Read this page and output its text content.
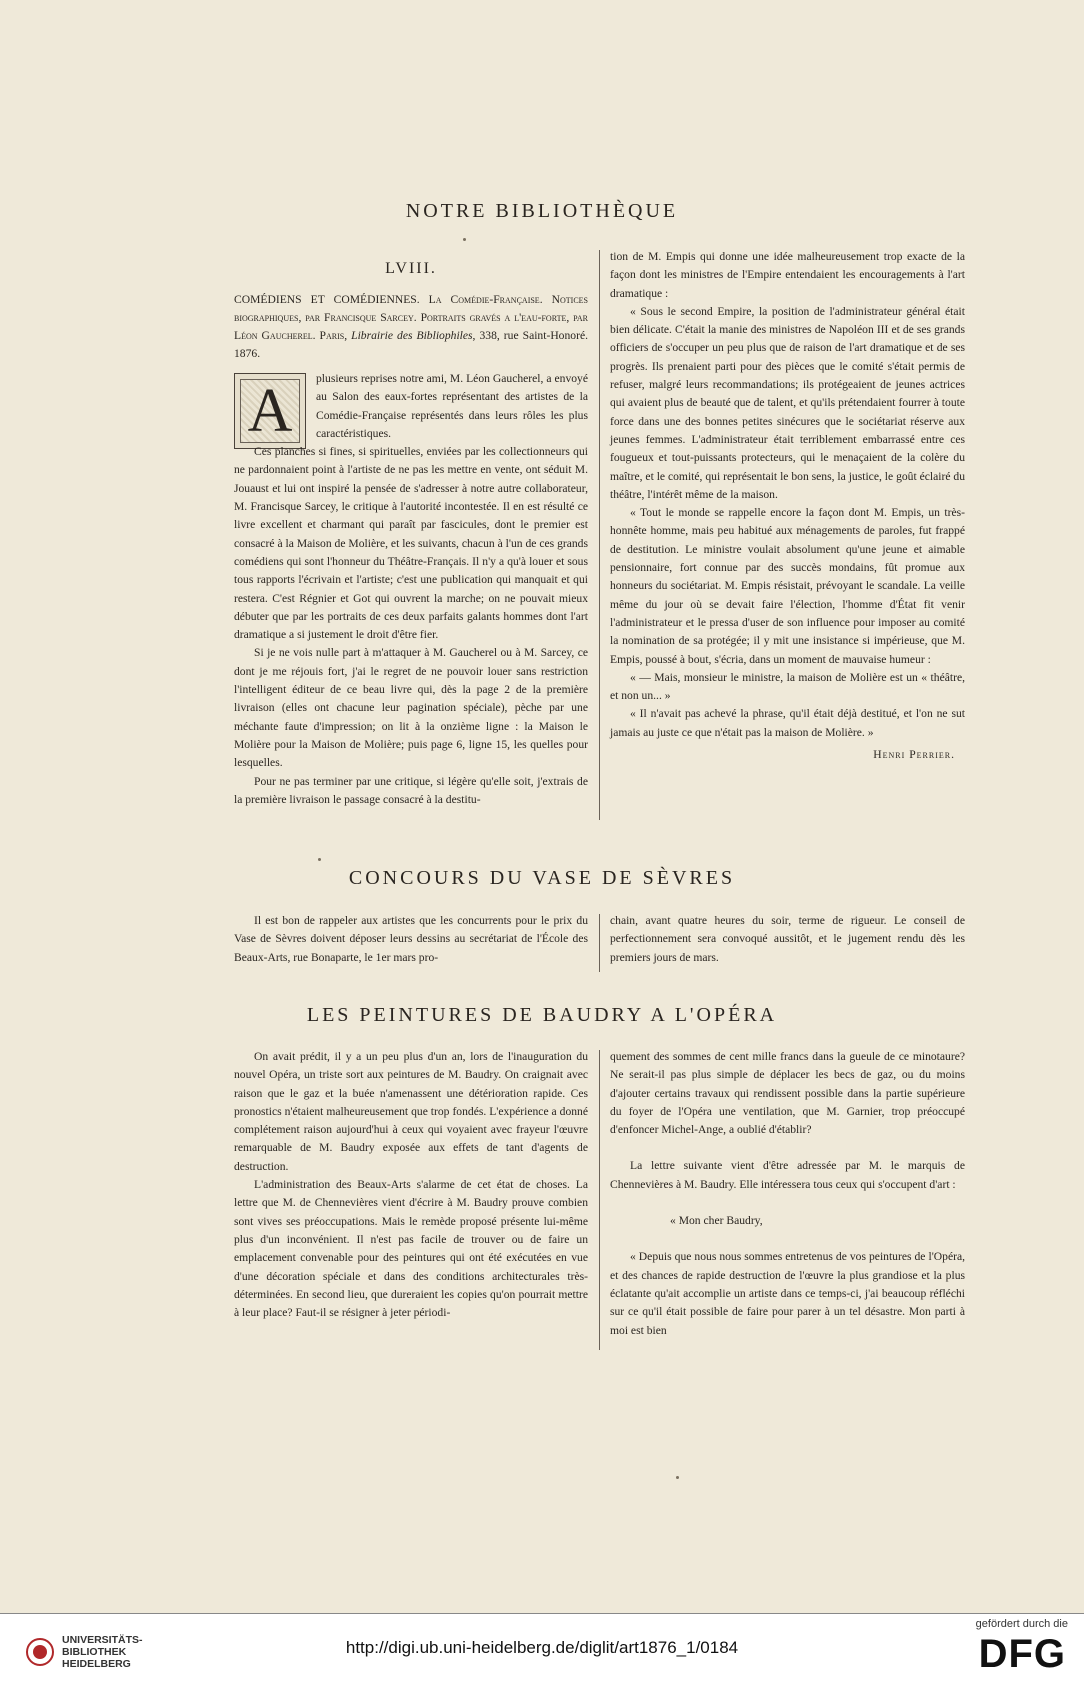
NOTRE BIBLIOTHÈQUE
LVIII.
COMÉDIENS ET COMÉDIENNES. La Comédie-Française. Notices biographiques, par Francisque Sarcey. Portraits gravés a l'eau-forte, par Léon Gaucherel. Paris, Librairie des Bibliophiles, 338, rue Saint-Honoré. 1876.
A	plusieurs reprises notre ami, M. Léon Gaucherel, a envoyé au Salon des eaux-fortes représentant des artistes de la Comédie-Française représentés dans leurs rôles les plus caractéristiques.

Ces planches si fines, si spirituelles, enviées par les collectionneurs qui ne pardonnaient point à l'artiste de ne pas les mettre en vente, ont séduit M. Jouaust et lui ont inspiré la pensée de s'adresser à notre autre collaborateur, M. Francisque Sarcey, le critique à l'autorité incontestée. Il en est résulté ce livre excellent et charmant qui paraît par fascicules, dont le premier est consacré à la Maison de Molière, et les suivants, chacun à l'un de ces grands comédiens qui sont l'honneur du Théâtre-Français. Il n'y a qu'à louer et sous tous rapports l'écrivain et l'artiste; c'est une publication qui manquait et qui restera. C'est Régnier et Got qui ouvrent la marche; on ne pouvait mieux débuter que par les portraits de ces deux parfaits galants hommes dont l'art dramatique a si justement le droit d'être fier.

Si je ne vois nulle part à m'attaquer à M. Gaucherel ou à M. Sarcey, ce dont je me réjouis fort, j'ai le regret de ne pouvoir louer sans restriction l'intelligent éditeur de ce beau livre qui, dès la page 2 de la première livraison (elles ont chacune leur pagination spéciale), pèche par une méchante faute d'impression; on lit à la onzième ligne : la Maison le Molière pour la Maison de Molière; puis page 6, ligne 15, les quelles pour lesquelles.

Pour ne pas terminer par une critique, si légère qu'elle soit, j'extrais de la première livraison le passage consacré à la destitu-

tion de M. Empis qui donne une idée malheureusement trop exacte de la façon dont les ministres de l'Empire entendaient les encouragements à l'art dramatique :

« Sous le second Empire, la position de l'administrateur général était bien délicate. C'était la manie des ministres de Napoléon III et de ses grands officiers de s'occuper un peu plus que de raison de l'art dramatique et de ses progrès. Ils prenaient parti pour des pièces que le comité s'était permis de refuser, malgré leurs recommandations; ils protégeaient de jeunes actrices qui avaient plus de beauté que de talent, et qu'ils prétendaient fourrer à toute force dans une des bonnes petites sinécures que le sociétariat réserve aux jeunes femmes. L'administrateur était terriblement embarrassé entre ces fougueux et tout-puissants protecteurs, qui le menaçaient de la colère du maître, et le comité, qui représentait le bon sens, la justice, le goût éclairé du théâtre, l'intérêt même de la maison.

« Tout le monde se rappelle encore la façon dont M. Empis, un très-honnête homme, mais peu habitué aux ménagements de paroles, fut frappé de destitution. Le ministre voulait absolument qu'une jeune et aimable pensionnaire, fort connue par des succès mondains, fût promue aux honneurs du sociétariat. M. Empis résistait, prévoyant le scandale. La veille même du jour où se devait faire l'élection, l'homme d'État fit venir l'administrateur et le pressa d'user de son influence pour imposer au comité la nomination de sa protégée; il y mit une insistance si impérieuse, que M. Empis, poussé à bout, s'écria, dans un moment de mauvaise humeur :

« — Mais, monsieur le ministre, la maison de Molière est un « théâtre, et non un... »

« Il n'avait pas achevé la phrase, qu'il était déjà destitué, et l'on ne sut jamais au juste ce que n'était pas la maison de Molière. »

Henri Perrier.

CONCOURS DU VASE DE SÈVRES

Il est bon de rappeler aux artistes que les concurrents pour le prix du Vase de Sèvres doivent déposer leurs dessins au secrétariat de l'École des Beaux-Arts, rue Bonaparte, le 1er mars pro-

chain, avant quatre heures du soir, terme de rigueur. Le conseil de perfectionnement sera convoqué aussitôt, et le jugement rendu dès les premiers jours de mars.

LES PEINTURES DE BAUDRY A L'OPÉRA

On avait prédit, il y a un peu plus d'un an, lors de l'inauguration du nouvel Opéra, un triste sort aux peintures de M. Baudry. On craignait avec raison que le gaz et la buée n'amenassent une détérioration rapide. Ces pronostics n'étaient malheureusement que trop fondés. L'expérience a donné complétement raison aujourd'hui à ceux qui voyaient avec frayeur l'œuvre remarquable de M. Baudry exposée aux effets de tant d'agents de destruction.

L'administration des Beaux-Arts s'alarme de cet état de choses. La lettre que M. de Chennevières vient d'écrire à M. Baudry prouve combien sont vives ses préoccupations. Mais le remède proposé présente lui-même plus d'un inconvénient. Il n'est pas facile de trouver ou de faire un emplacement convenable pour des peintures qui ont été exécutées en vue d'une décoration spéciale et dans des conditions architecturales très-déterminées. En second lieu, que dureraient les copies qu'on pourrait mettre à leur place? Faut-il se résigner à jeter périodi-

quement des sommes de cent mille francs dans la gueule de ce minotaure? Ne serait-il pas plus simple de déplacer les becs de gaz, ou du moins d'ajouter certains travaux qui rendissent possible dans la partie supérieure du foyer de l'Opéra une ventilation, que M. Garnier, trop préoccupé d'enfoncer Michel-Ange, a oublié d'établir?

La lettre suivante vient d'être adressée par M. le marquis de Chennevières à M. Baudry. Elle intéressera tous ceux qui s'occupent d'art :

« Mon cher Baudry,

« Depuis que nous nous sommes entretenus de vos peintures de l'Opéra, et des chances de rapide destruction de l'œuvre la plus grandiose et la plus éclatante qu'ait accomplie un artiste dans ce temps-ci, j'ai beaucoup réfléchi sur ce qu'il était possible de faire pour parer à un tel désastre. Mon parti à moi est bien

UNIVERSITÄTS-
BIBLIOTHEK
HEIDELBERG
http://digi.ub.uni-heidelberg.de/diglit/art1876_1/0184
gefördert durch die
DFG
